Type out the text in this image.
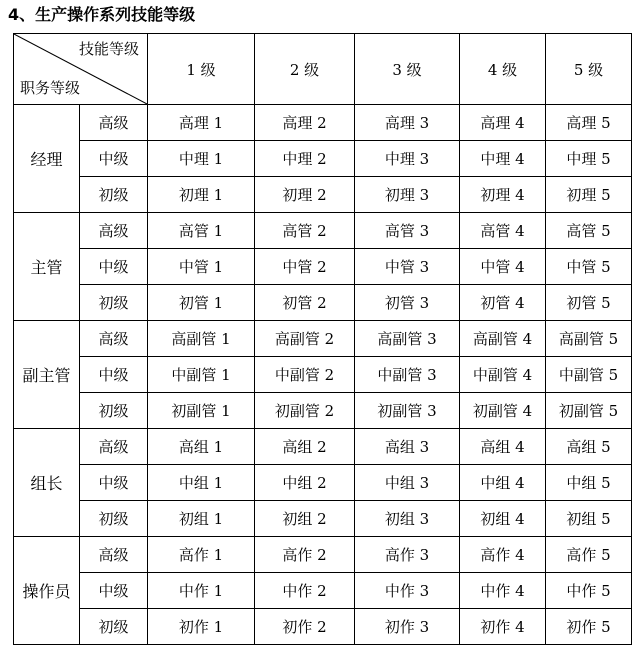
4、生产操作系列技能等级
技能等级
职务等级		1 级	2 级	3 级	4 级	5 级
经理	高级	高理 1	高理 2	高理 3	高理 4	高理 5
	中级	中理 1	中理 2	中理 3	中理 4	中理 5
	初级	初理 1	初理 2	初理 3	初理 4	初理 5
主管	高级	高管 1	高管 2	高管 3	高管 4	高管 5
	中级	中管 1	中管 2	中管 3	中管 4	中管 5
	初级	初管 1	初管 2	初管 3	初管 4	初管 5
副主管	高级	高副管 1	高副管 2	高副管 3	高副管 4	高副管 5
	中级	中副管 1	中副管 2	中副管 3	中副管 4	中副管 5
	初级	初副管 1	初副管 2	初副管 3	初副管 4	初副管 5
组长	高级	高组 1	高组 2	高组 3	高组 4	高组 5
	中级	中组 1	中组 2	中组 3	中组 4	中组 5
	初级	初组 1	初组 2	初组 3	初组 4	初组 5
操作员	高级	高作 1	高作 2	高作 3	高作 4	高作 5
	中级	中作 1	中作 2	中作 3	中作 4	中作 5
	初级	初作 1	初作 2	初作 3	初作 4	初作 5
